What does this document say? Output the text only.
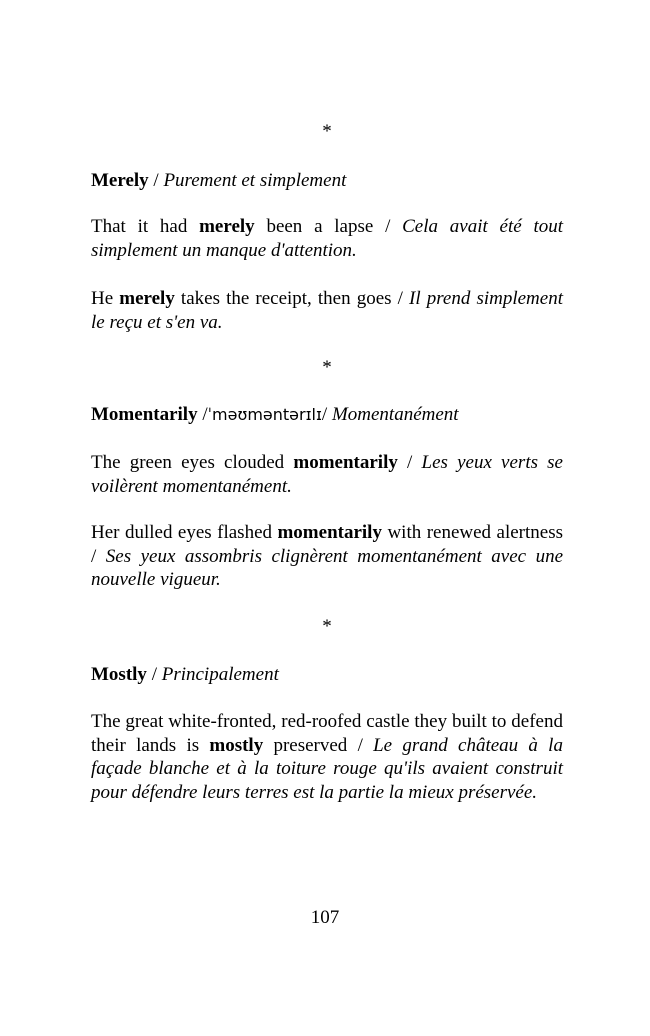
*
Merely / Purement et simplement
That it had merely been a lapse / Cela avait été tout simplement un manque d'attention.
He merely takes the receipt, then goes / Il prend simplement le reçu et s'en va.
*
Momentarily /ˈməʊməntərɪlɪ/ Momentanément
The green eyes clouded momentarily / Les yeux verts se voilèrent momentanément.
Her dulled eyes flashed momentarily with renewed alertness / Ses yeux assombris clignèrent momentanément avec une nouvelle vigueur.
*
Mostly / Principalement
The great white-fronted, red-roofed castle they built to defend their lands is mostly preserved / Le grand château à la façade blanche et à la toiture rouge qu'ils avaient construit pour défendre leurs terres est la partie la mieux préservée.
107
